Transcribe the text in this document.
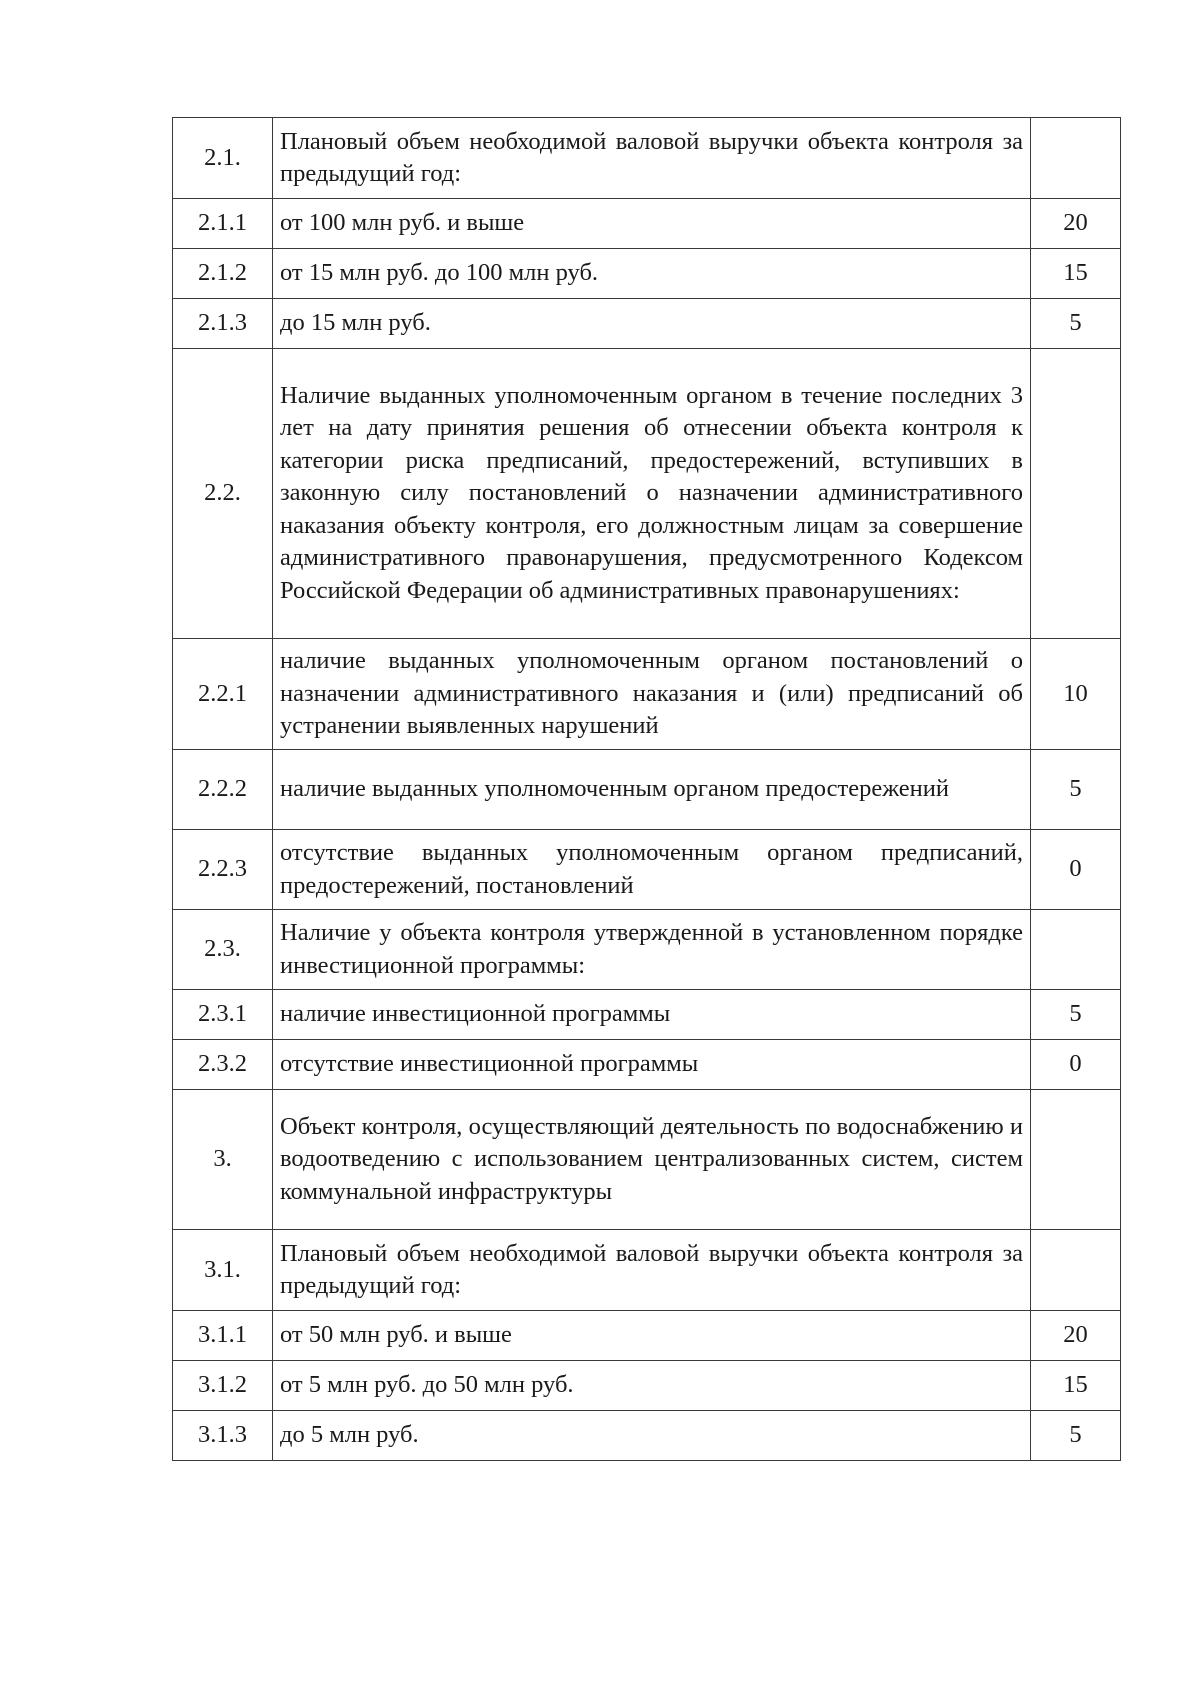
2.1.	Плановый объем необходимой валовой выручки объекта контроля за предыдущий год:	
2.1.1	от 100 млн руб. и выше	20
2.1.2	от 15 млн руб. до 100 млн руб.	15
2.1.3	до 15 млн руб.	5
2.2.	Наличие выданных уполномоченным органом в течение последних 3 лет на дату принятия решения об отнесении объекта контроля к категории риска предписаний, предостережений, вступивших в законную силу постановлений о назначении административного наказания объекту контроля, его должностным лицам за совершение административного правонарушения, предусмотренного Кодексом Российской Федерации об административных правонарушениях:	
2.2.1	наличие выданных уполномоченным органом постановлений о назначении административного наказания и (или) предписаний об устранении выявленных нарушений	10
2.2.2	наличие выданных уполномоченным органом предостережений	5
2.2.3	отсутствие выданных уполномоченным органом предписаний, предостережений, постановлений	0
2.3.	Наличие у объекта контроля утвержденной в установленном порядке инвестиционной программы:	
2.3.1	наличие инвестиционной программы	5
2.3.2	отсутствие инвестиционной программы	0
3.	Объект контроля, осуществляющий деятельность по водоснабжению и водоотведению с использованием централизованных систем, систем коммунальной инфраструктуры	
3.1.	Плановый объем необходимой валовой выручки объекта контроля за предыдущий год:	
3.1.1	от 50 млн руб. и выше	20
3.1.2	от 5 млн руб. до 50 млн руб.	15
3.1.3	до 5 млн руб.	5
